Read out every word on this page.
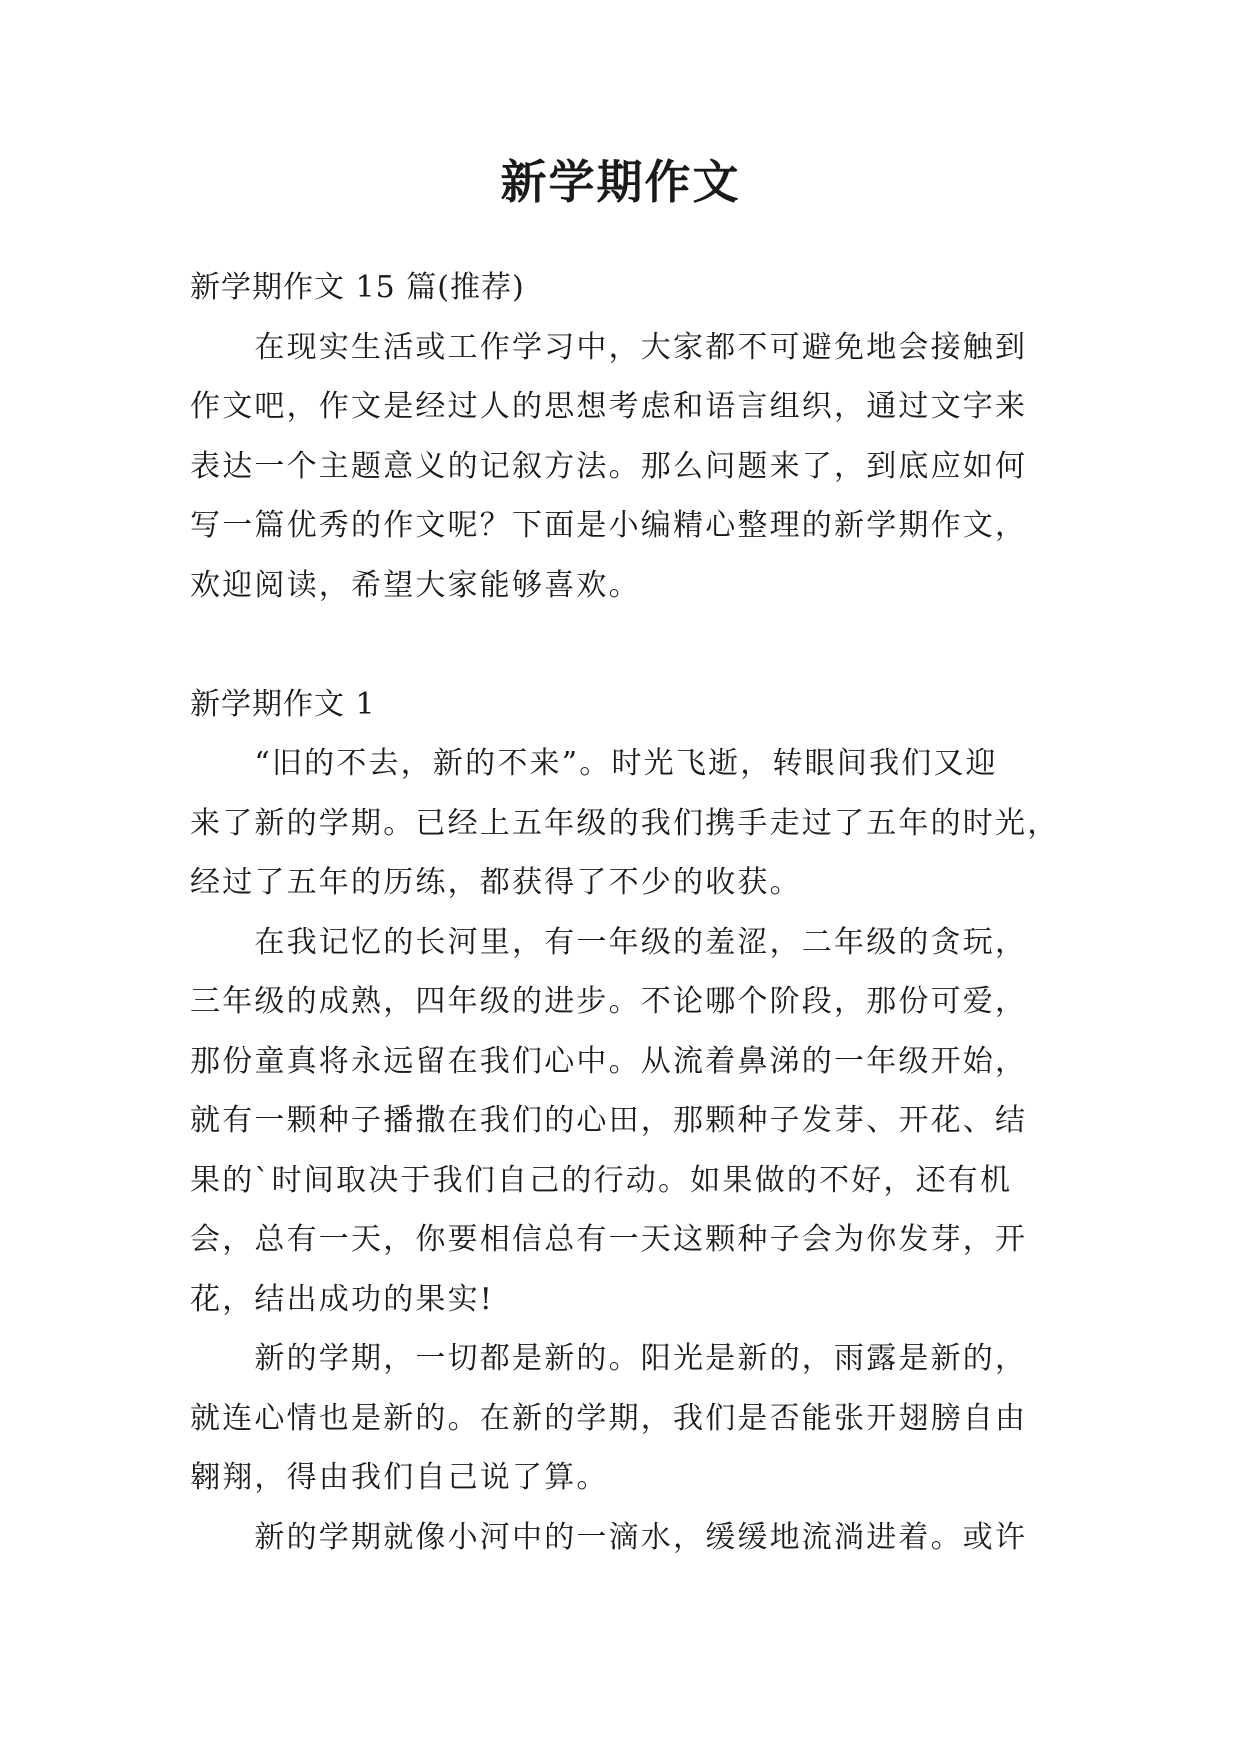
新学期作文
新学期作文 15 篇(推荐)
　　在现实生活或工作学习中，大家都不可避免地会接触到
作文吧，作文是经过人的思想考虑和语言组织，通过文字来
表达一个主题意义的记叙方法。那么问题来了，到底应如何
写一篇优秀的作文呢？下面是小编精心整理的新学期作文，
欢迎阅读，希望大家能够喜欢。
新学期作文 1
　　“旧的不去，新的不来”。时光飞逝，转眼间我们又迎
来了新的学期。已经上五年级的我们携手走过了五年的时光，
经过了五年的历练，都获得了不少的收获。
　　在我记忆的长河里，有一年级的羞涩，二年级的贪玩，
三年级的成熟，四年级的进步。不论哪个阶段，那份可爱，
那份童真将永远留在我们心中。从流着鼻涕的一年级开始，
就有一颗种子播撒在我们的心田，那颗种子发芽、开花、结
果的`时间取决于我们自己的行动。如果做的不好，还有机
会，总有一天，你要相信总有一天这颗种子会为你发芽，开
花，结出成功的果实!
　　新的学期，一切都是新的。阳光是新的，雨露是新的，
就连心情也是新的。在新的学期，我们是否能张开翅膀自由
翱翔，得由我们自己说了算。
　　新的学期就像小河中的一滴水，缓缓地流淌进着。或许
